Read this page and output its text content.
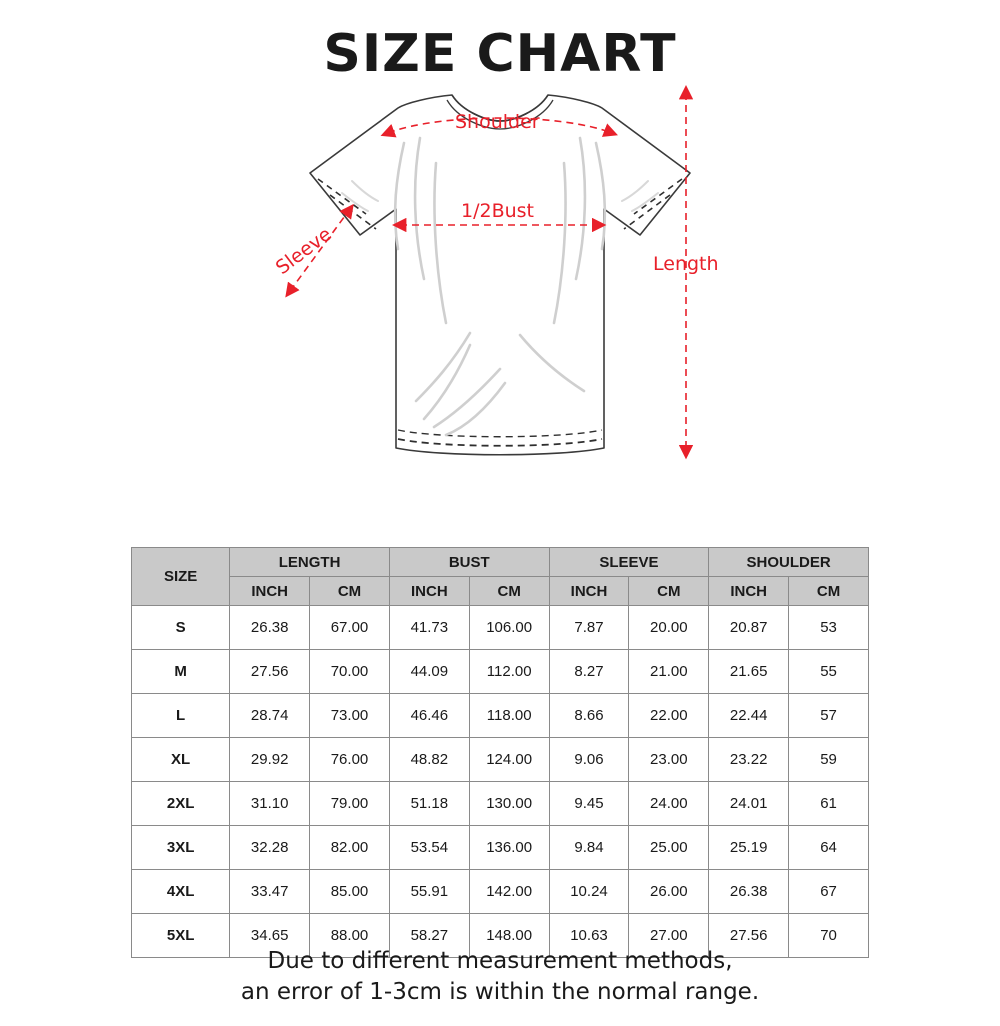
SIZE CHART
Sleeve
Shoulder
1/2Bust
Length
SIZE	LENGTH		BUST		SLEEVE		SHOULDER	
	INCH	CM	INCH	CM	INCH	CM	INCH	CM
S	26.38	67.00	41.73	106.00	7.87	20.00	20.87	53
M	27.56	70.00	44.09	112.00	8.27	21.00	21.65	55
L	28.74	73.00	46.46	118.00	8.66	22.00	22.44	57
XL	29.92	76.00	48.82	124.00	9.06	23.00	23.22	59
2XL	31.10	79.00	51.18	130.00	9.45	24.00	24.01	61
3XL	32.28	82.00	53.54	136.00	9.84	25.00	25.19	64
4XL	33.47	85.00	55.91	142.00	10.24	26.00	26.38	67
5XL	34.65	88.00	58.27	148.00	10.63	27.00	27.56	70
Due to different measurement methods,
an error of 1-3cm is within the normal range.
